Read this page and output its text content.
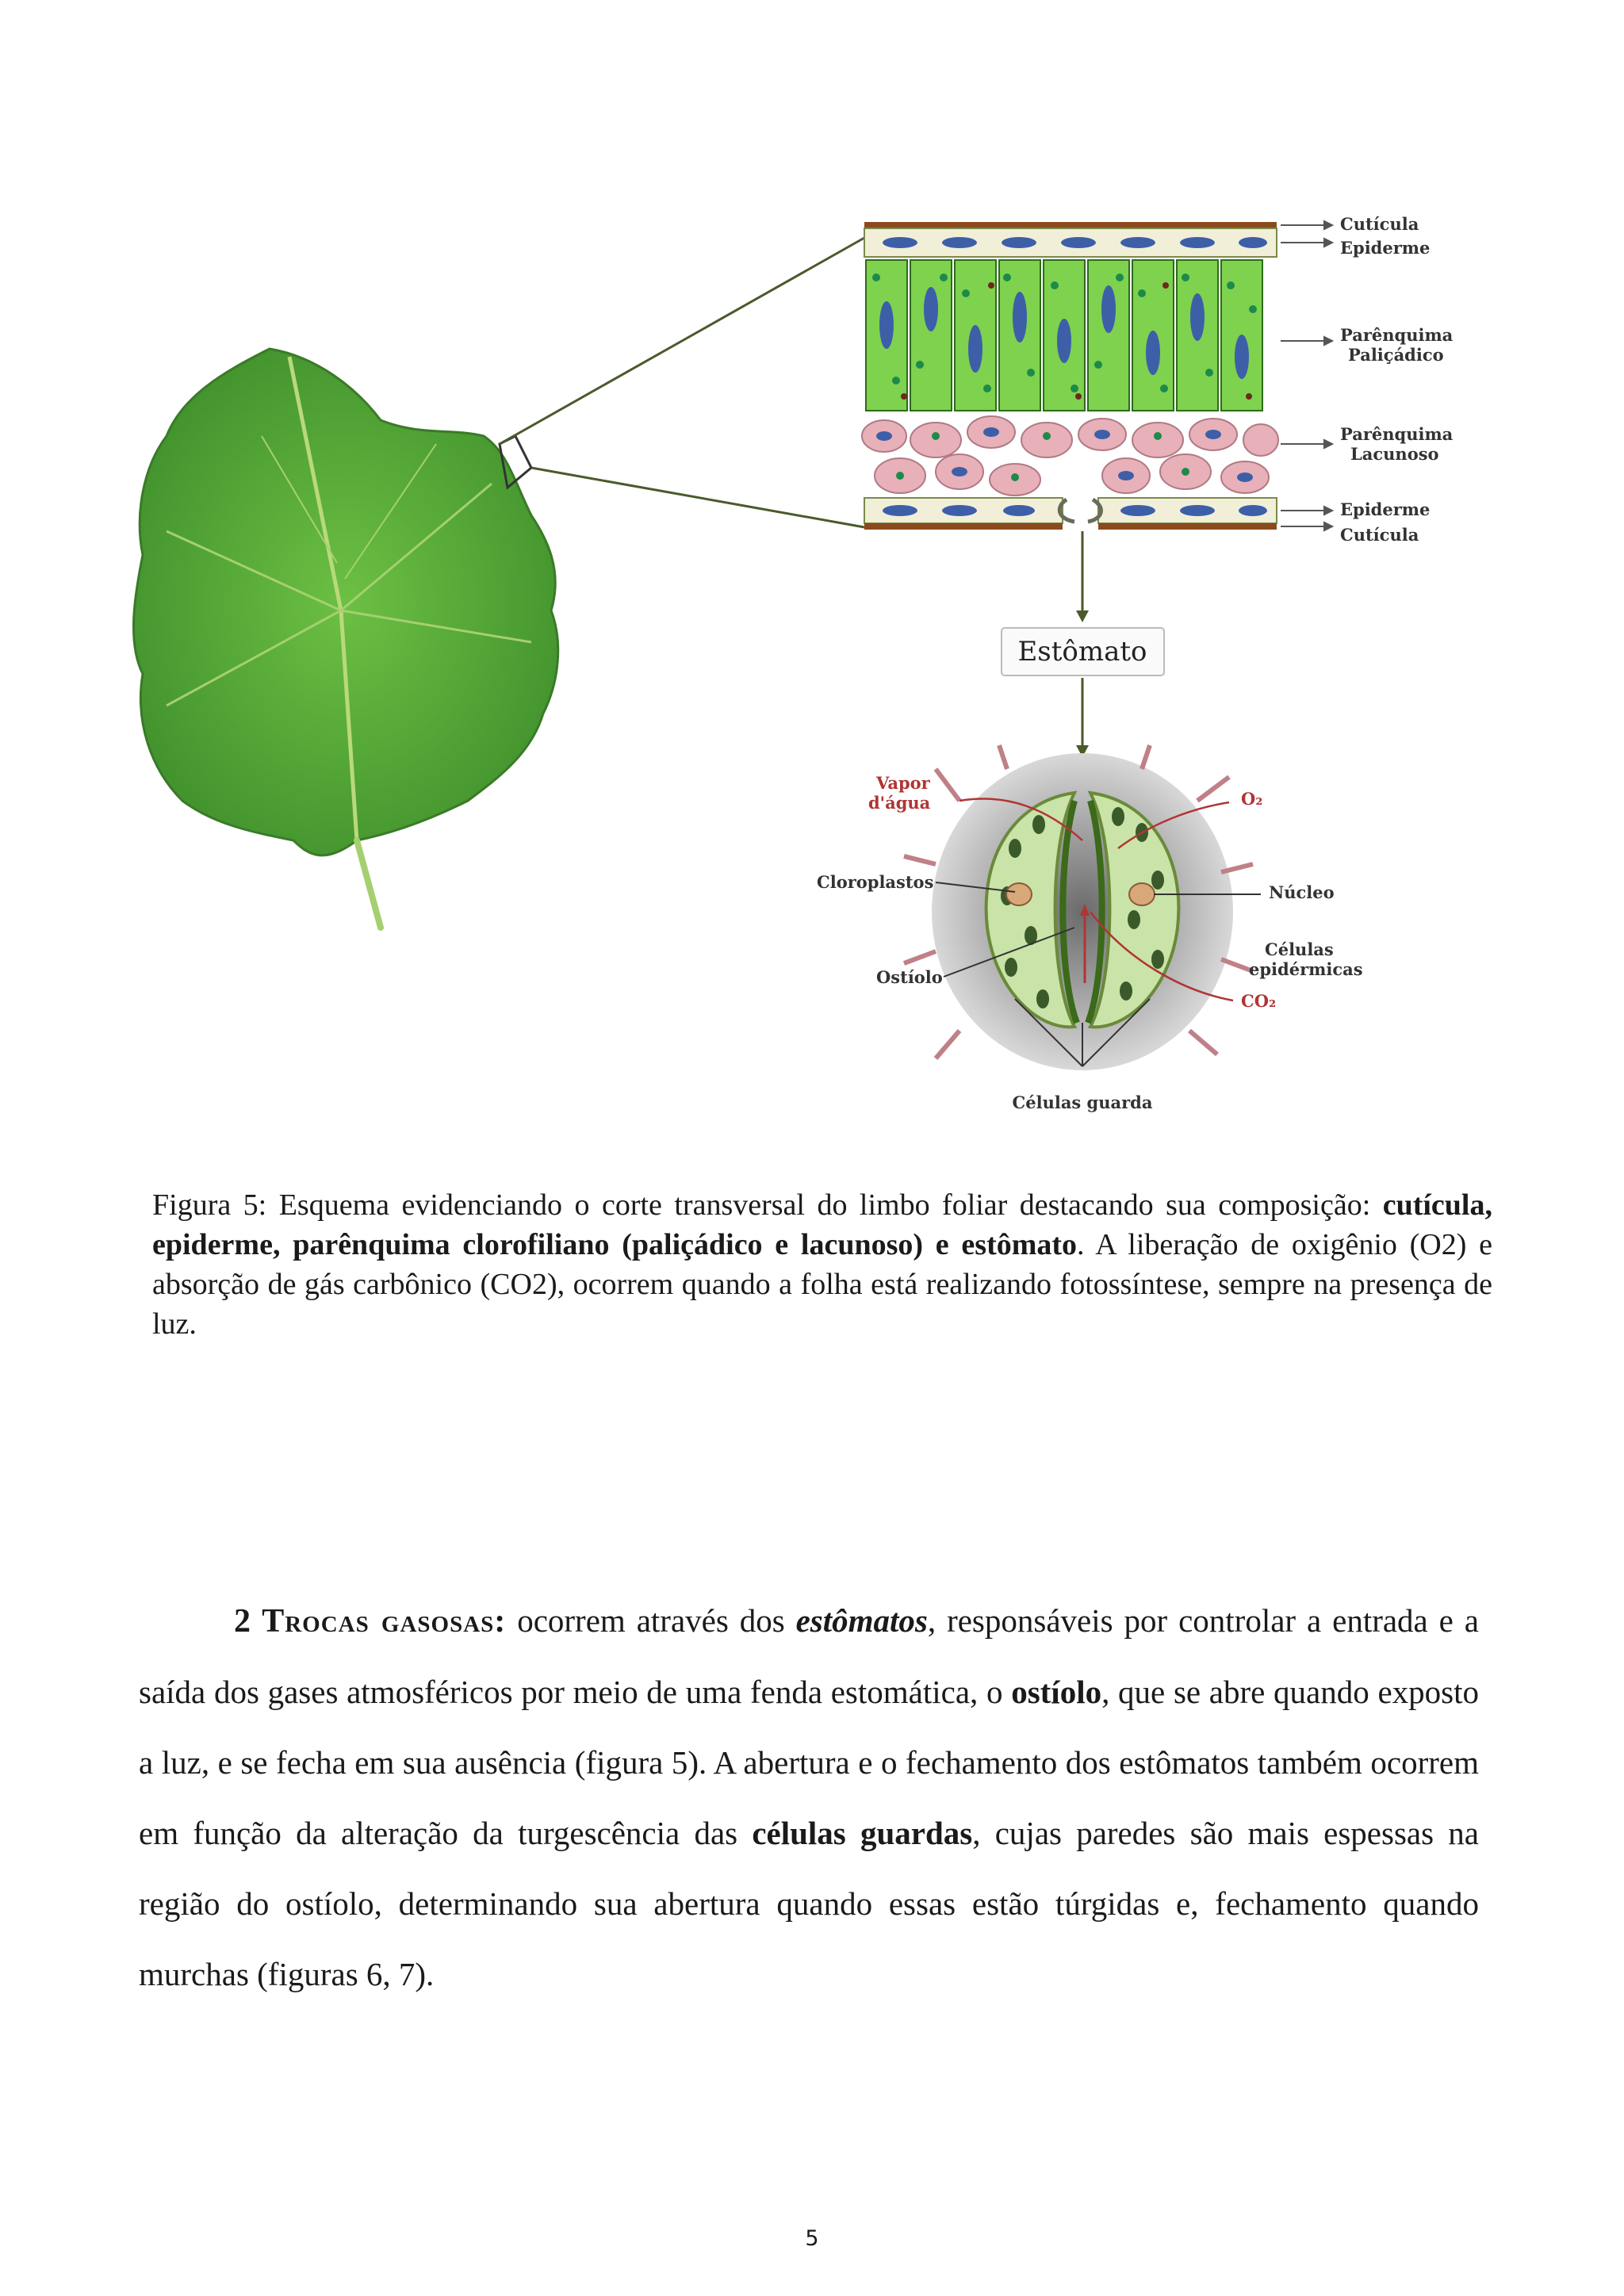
Cutícula
Epiderme
Parênquima
Paliçádico
Parênquima
Lacunoso
Epiderme
Cutícula
Estômato
Vapor
d'água	O₂
Cloroplastos
Núcleo
Células
epidérmicas
Ostíolo
CO₂
Células guarda
Figura 5: Esquema evidenciando o corte transversal do limbo foliar destacando sua composição: cutícula, epiderme, parênquima clorofiliano (paliçádico e lacunoso) e estômato. A liberação de oxigênio (O2) e absorção de gás carbônico (CO2), ocorrem quando a folha está realizando fotossíntese, sempre na presença de luz.
2 Trocas gasosas: ocorrem através dos estômatos, responsáveis por controlar a entrada e a saída dos gases atmosféricos por meio de uma fenda estomática, o ostíolo, que se abre quando exposto a luz, e se fecha em sua ausência (figura 5). A abertura e o fechamento dos estômatos também ocorrem em função da alteração da turgescência das células guardas, cujas paredes são mais espessas na região do ostíolo, determinando sua abertura quando essas estão túrgidas e, fechamento quando murchas (figuras 6, 7).
5
